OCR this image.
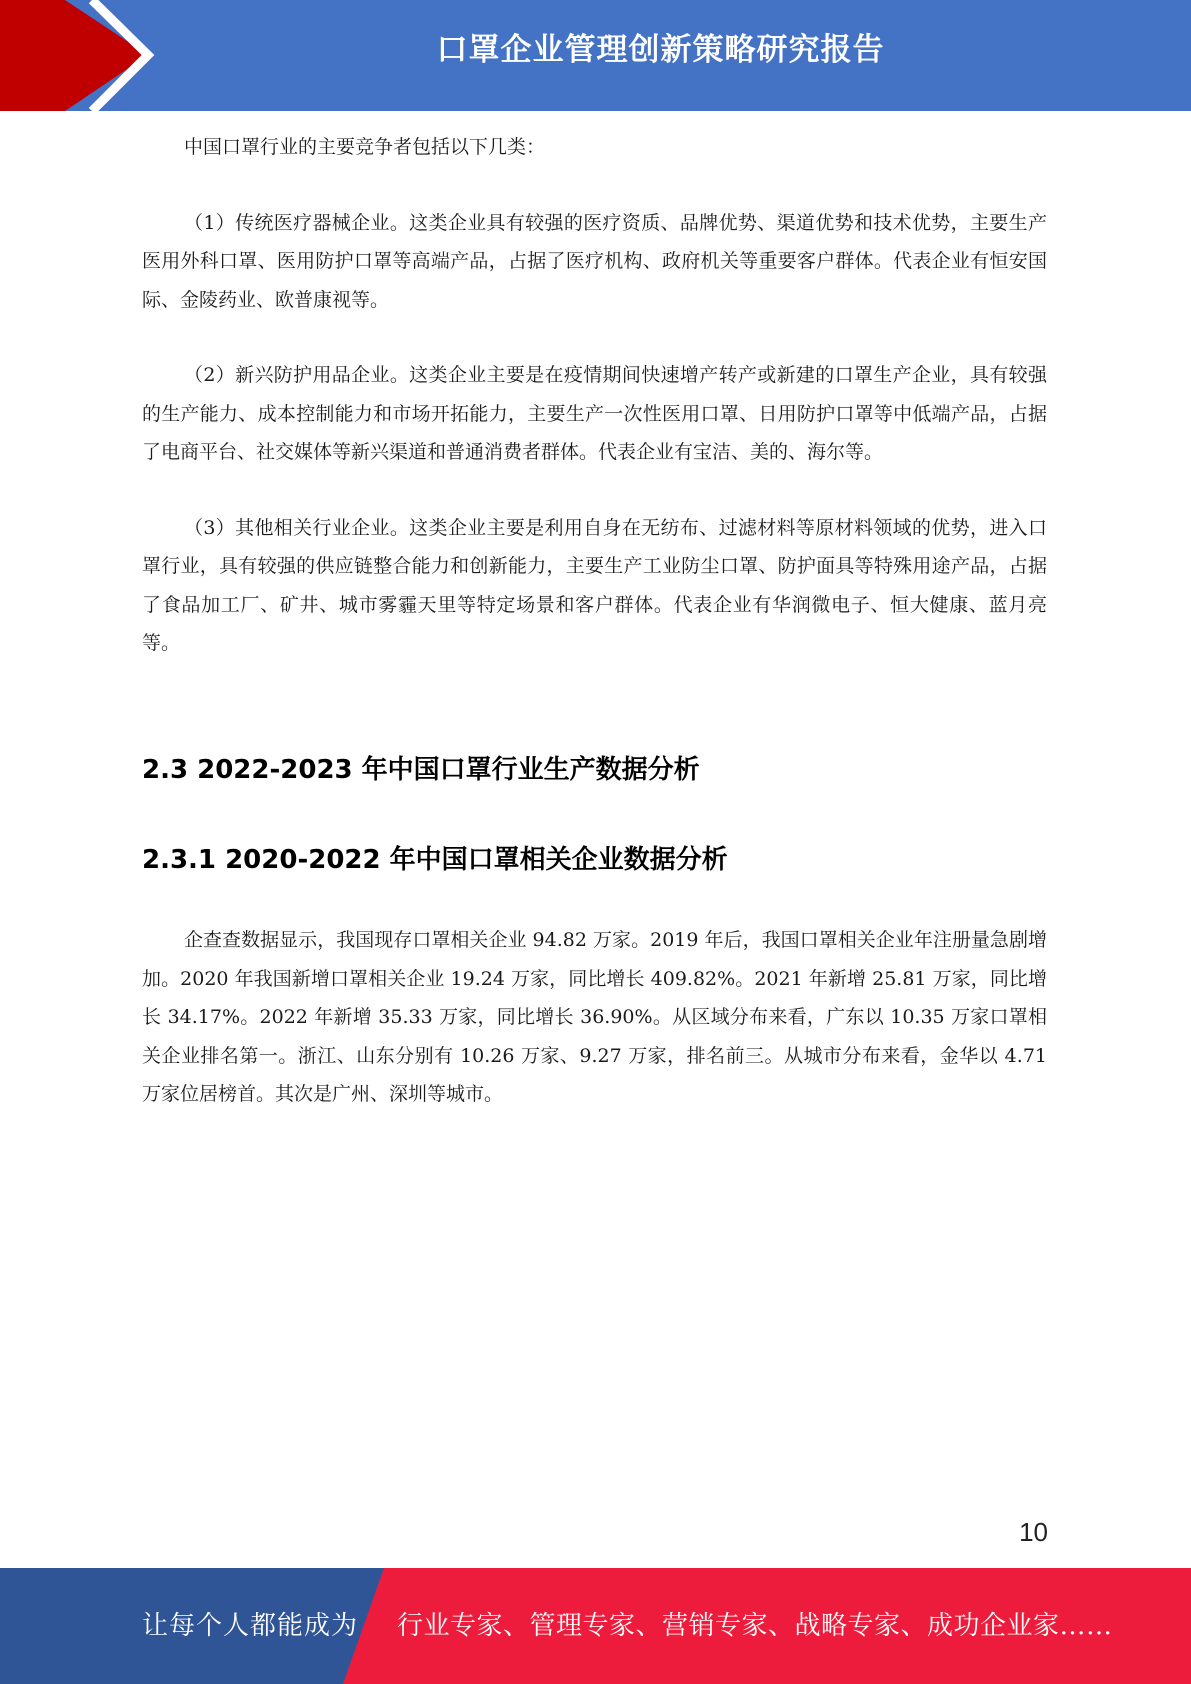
口罩企业管理创新策略研究报告

中国口罩行业的主要竞争者包括以下几类：

（1）传统医疗器械企业。这类企业具有较强的医疗资质、品牌优势、渠道优势和技术优势，主要生产医用外科口罩、医用防护口罩等高端产品，占据了医疗机构、政府机关等重要客户群体。代表企业有恒安国际、金陵药业、欧普康视等。

（2）新兴防护用品企业。这类企业主要是在疫情期间快速增产转产或新建的口罩生产企业，具有较强的生产能力、成本控制能力和市场开拓能力，主要生产一次性医用口罩、日用防护口罩等中低端产品，占据了电商平台、社交媒体等新兴渠道和普通消费者群体。代表企业有宝洁、美的、海尔等。

（3）其他相关行业企业。这类企业主要是利用自身在无纺布、过滤材料等原材料领域的优势，进入口罩行业，具有较强的供应链整合能力和创新能力，主要生产工业防尘口罩、防护面具等特殊用途产品，占据了食品加工厂、矿井、城市雾霾天里等特定场景和客户群体。代表企业有华润微电子、恒大健康、蓝月亮等。

2.3 2022-2023 年中国口罩行业生产数据分析
2.3.1 2020-2022 年中国口罩相关企业数据分析

企查查数据显示，我国现存口罩相关企业 94.82 万家。2019 年后，我国口罩相关企业年注册量急剧增加。2020 年我国新增口罩相关企业 19.24 万家，同比增长 409.82%。2021 年新增 25.81 万家，同比增长 34.17%。2022 年新增 35.33 万家，同比增长 36.90%。从区域分布来看，广东以 10.35 万家口罩相关企业排名第一。浙江、山东分别有 10.26 万家、9.27 万家，排名前三。从城市分布来看，金华以 4.71 万家位居榜首。其次是广州、深圳等城市。

10
让每个人都能成为 行业专家、管理专家、营销专家、战略专家、成功企业家……
